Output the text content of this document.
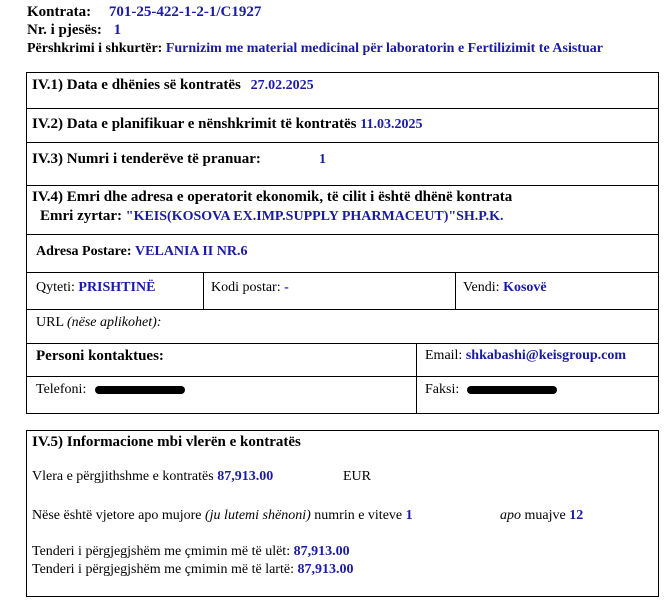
Kontrata: 701-25-422-1-2-1/C1927
Nr. i pjesës: 1
Përshkrimi i shkurtër: Furnizim me material medicinal për laboratorin e Fertilizimit te Asistuar
IV.1) Data e dhënies së kontratës 27.02.2025
IV.2) Data e planifikuar e nënshkrimit të kontratës 11.03.2025
IV.3) Numri i tenderëve të pranuar:	1
IV.4) Emri dhe adresa e operatorit ekonomik, të cilit i është dhënë kontrata
Emri zyrtar: "KEIS(KOSOVA EX.IMP.SUPPLY PHARMACEUT)"SH.P.K.
Adresa Postare: VELANIA II NR.6
Qyteti: PRISHTINË	Kodi postar: -	Vendi: Kosovë
URL (nëse aplikohet):
Personi kontaktues:	Email: shkabashi@keisgroup.com
Telefoni:	Faksi:
IV.5) Informacione mbi vlerën e kontratës
Vlera e përgjithshme e kontratës 87,913.00	EUR
Nëse është vjetore apo mujore (ju lutemi shënoni) numrin e viteve 1	apo muajve 12
Tenderi i përgjegjshëm me çmimin më të ulët: 87,913.00
Tenderi i përgjegjshëm me çmimin më të lartë: 87,913.00
